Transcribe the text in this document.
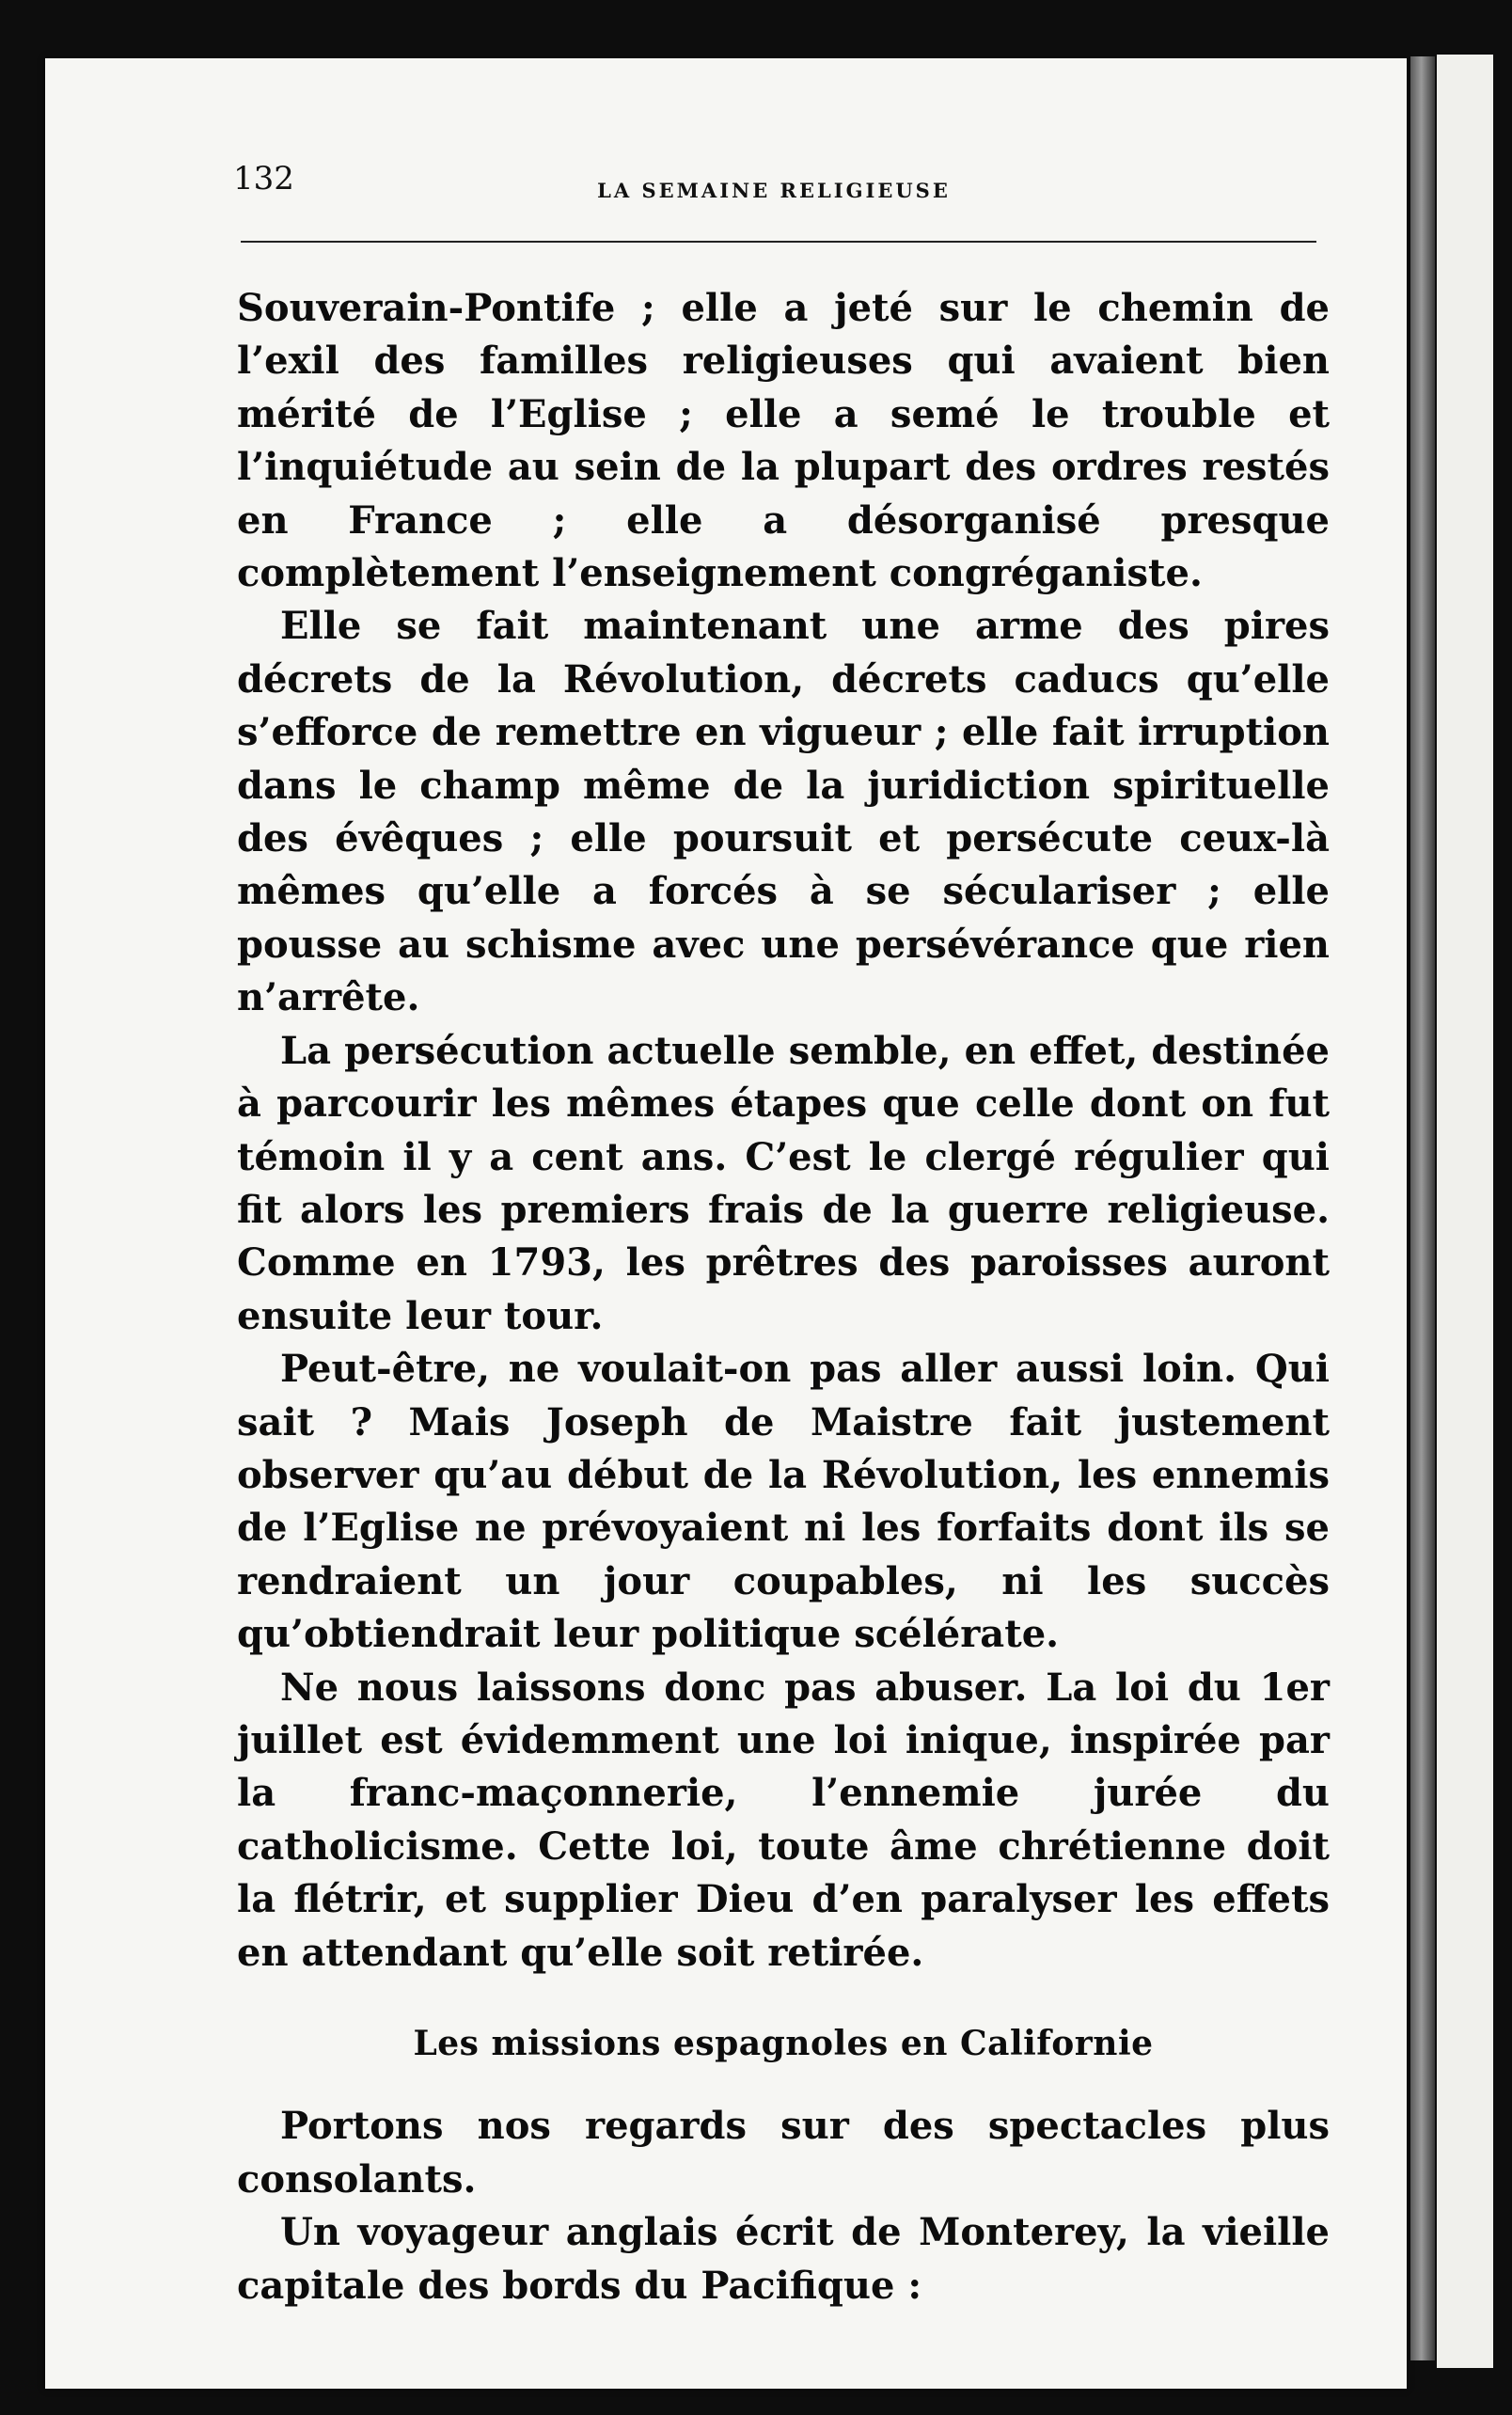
132	LA SEMAINE RELIGIEUSE

Souverain-Pontife ; elle a jeté sur le chemin de l’exil des familles religieuses qui avaient bien mérité de l’Eglise ; elle a semé le trouble et l’inquiétude au sein de la plupart des ordres restés en France ; elle a désorganisé presque complètement l’enseignement congréganiste.

Elle se fait maintenant une arme des pires décrets de la Révolution, décrets caducs qu’elle s’efforce de remettre en vigueur ; elle fait irruption dans le champ même de la juridiction spirituelle des évêques ; elle poursuit et persécute ceux-là mêmes qu’elle a forcés à se séculariser ; elle pousse au schisme avec une persévérance que rien n’arrête.

La persécution actuelle semble, en effet, destinée à parcourir les mêmes étapes que celle dont on fut témoin il y a cent ans. C’est le clergé régulier qui fit alors les premiers frais de la guerre religieuse. Comme en 1793, les prêtres des paroisses auront ensuite leur tour.

Peut-être, ne voulait-on pas aller aussi loin. Qui sait ? Mais Joseph de Maistre fait justement observer qu’au début de la Révolution, les ennemis de l’Eglise ne prévoyaient ni les forfaits dont ils se rendraient un jour coupables, ni les succès qu’obtiendrait leur politique scélérate.

Ne nous laissons donc pas abuser. La loi du 1er juillet est évidemment une loi inique, inspirée par la franc-maçonnerie, l’ennemie jurée du catholicisme. Cette loi, toute âme chrétienne doit la flétrir, et supplier Dieu d’en paralyser les effets en attendant qu’elle soit retirée.

Les missions espagnoles en Californie

Portons nos regards sur des spectacles plus consolants.

Un voyageur anglais écrit de Monterey, la vieille capitale des bords du Pacifique :
